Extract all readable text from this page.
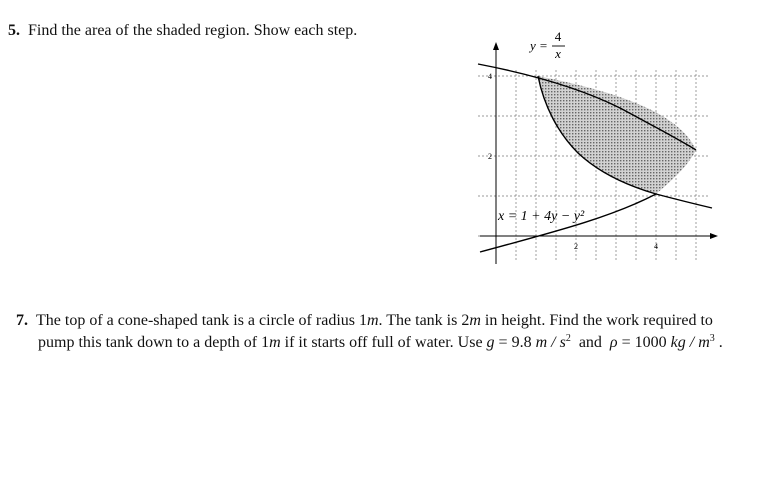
5. Find the area of the shaded region. Show each step.
y =
4
x
x = 1 + 4y − y²
2	4
2
4
7. The top of a cone-shaped tank is a circle of radius 1m. The tank is 2m in height. Find the work required to
pump this tank down to a depth of 1m if it starts off full of water. Use g = 9.8 m / $s^2$  and  ρ = 1000 kg / $m^3$ .
